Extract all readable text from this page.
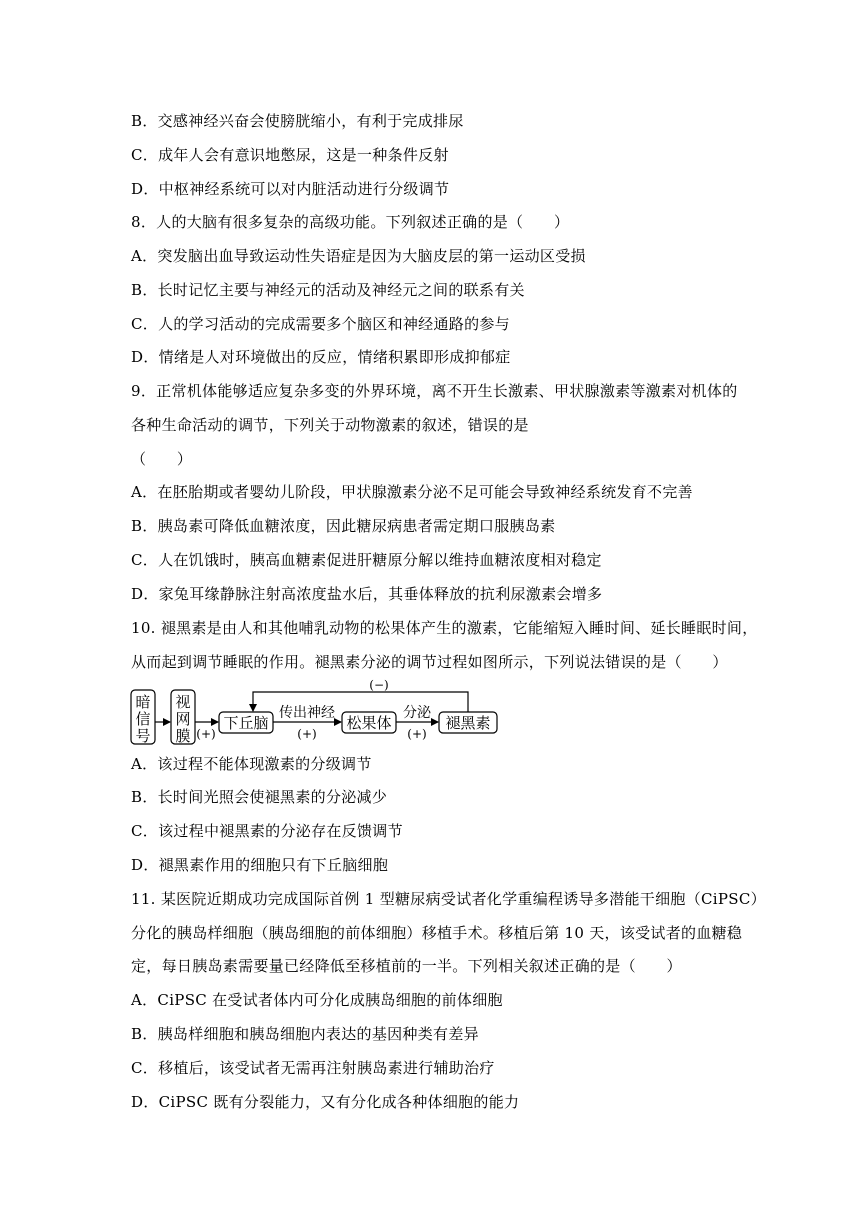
B．交感神经兴奋会使膀胱缩小，有利于完成排尿
C．成年人会有意识地憋尿，这是一种条件反射
D．中枢神经系统可以对内脏活动进行分级调节
8．人的大脑有很多复杂的高级功能。下列叙述正确的是（　　）
A．突发脑出血导致运动性失语症是因为大脑皮层的第一运动区受损
B．长时记忆主要与神经元的活动及神经元之间的联系有关
C．人的学习活动的完成需要多个脑区和神经通路的参与
D．情绪是人对环境做出的反应，情绪积累即形成抑郁症
9．正常机体能够适应复杂多变的外界环境，离不开生长激素、甲状腺激素等激素对机体的
各种生命活动的调节，下列关于动物激素的叙述，错误的是
（　　）
A．在胚胎期或者婴幼儿阶段，甲状腺激素分泌不足可能会导致神经系统发育不完善
B．胰岛素可降低血糖浓度，因此糖尿病患者需定期口服胰岛素
C．人在饥饿时，胰高血糖素促进肝糖原分解以维持血糖浓度相对稳定
D．家兔耳缘静脉注射高浓度盐水后，其垂体释放的抗利尿激素会增多
10. 褪黑素是由人和其他哺乳动物的松果体产生的激素，它能缩短入睡时间、延长睡眠时间，
从而起到调节睡眠的作用。褪黑素分泌的调节过程如图所示，下列说法错误的是（　　）
暗
信
号
视
网
膜 (+)
下丘脑
传出神经
(+)
松果体
分泌
(+)
褪黑素
(−)
A．该过程不能体现激素的分级调节
B．长时间光照会使褪黑素的分泌减少
C．该过程中褪黑素的分泌存在反馈调节
D．褪黑素作用的细胞只有下丘脑细胞
11. 某医院近期成功完成国际首例 1 型糖尿病受试者化学重编程诱导多潜能干细胞（CiPSC）
分化的胰岛样细胞（胰岛细胞的前体细胞）移植手术。移植后第 10 天，该受试者的血糖稳
定，每日胰岛素需要量已经降低至移植前的一半。下列相关叙述正确的是（　　）
A．CiPSC 在受试者体内可分化成胰岛细胞的前体细胞
B．胰岛样细胞和胰岛细胞内表达的基因种类有差异
C．移植后，该受试者无需再注射胰岛素进行辅助治疗
D．CiPSC 既有分裂能力，又有分化成各种体细胞的能力
